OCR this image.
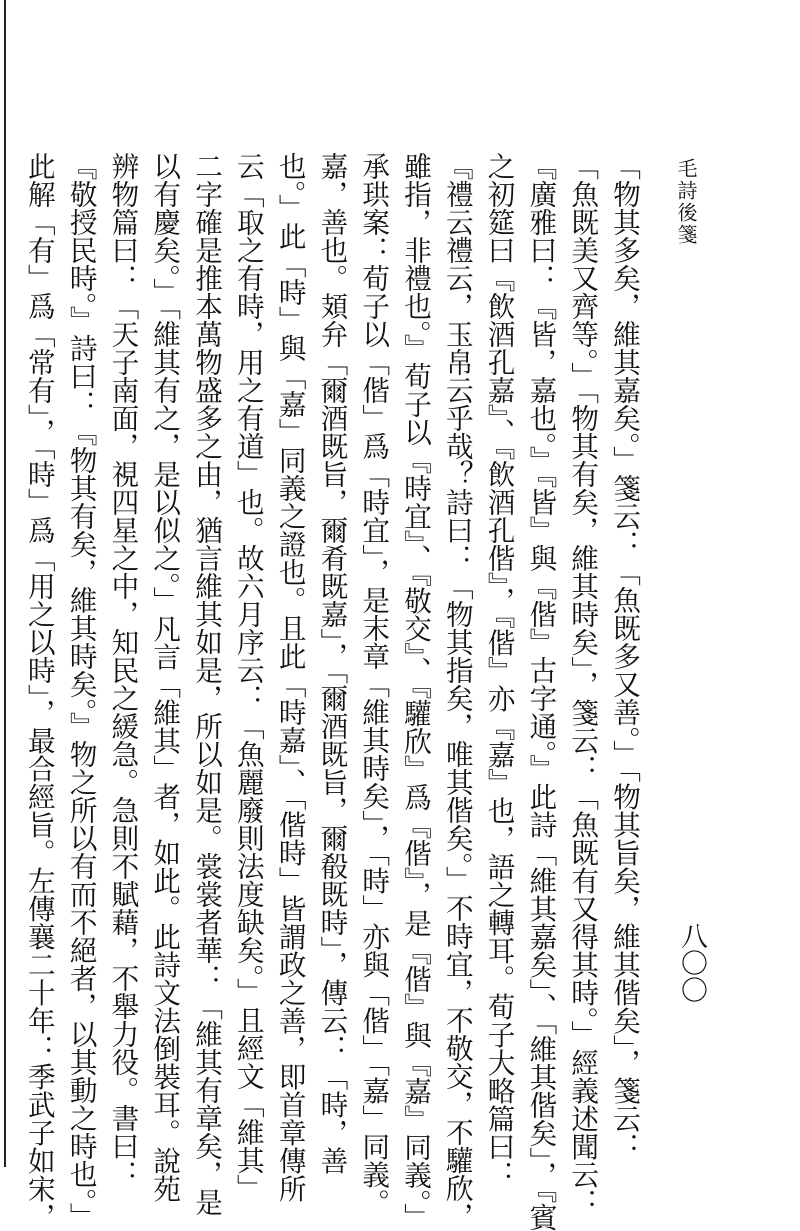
毛詩後箋
八〇〇
「物其多矣，維其嘉矣。」箋云：「魚既多又善。」「物其旨矣，維其偕矣」，箋云：
「魚既美又齊等。」「物其有矣，維其時矣」，箋云：「魚既有又得其時。」經義述聞云：
『廣雅曰：『皆，嘉也。』『皆』與『偕』古字通。』此詩「維其嘉矣」、「維其偕矣」，『賓
之初筵曰『飲酒孔嘉』、『飲酒孔偕』，『偕』亦『嘉』也，語之轉耳。荀子大略篇曰：
『禮云禮云，玉帛云乎哉？詩曰：「物其指矣，唯其偕矣。」不時宜，不敬交，不驩欣，
雖指，非禮也。』荀子以『時宜』、『敬交』、『驩欣』爲『偕』，是『偕』與『嘉』同義。」
承珙案：荀子以「偕」爲「時宜」，是末章「維其時矣」，「時」亦與「偕」「嘉」同義。
嘉，善也。頍弁「爾酒既旨，爾肴既嘉」，「爾酒既旨，爾殽既時」，傳云：「時，善
也。」此「時」與「嘉」同義之證也。且此「時嘉」、「偕時」皆謂政之善，即首章傳所
云「取之有時，用之有道」也。故六月序云：「魚麗廢則法度缺矣。」且經文「維其」
二字確是推本萬物盛多之由，猶言維其如是，所以如是。裳裳者華：「維其有章矣，是
以有慶矣。」「維其有之，是以似之。」凡言「維其」者，如此。此詩文法倒裝耳。說苑
辨物篇曰：「天子南面，視四星之中，知民之緩急。急則不賦藉，不舉力役。書曰：
『敬授民時。』詩曰：『物其有矣，維其時矣。』物之所以有而不絕者，以其動之時也。」
此解「有」爲「常有」，「時」爲「用之以時」，最合經旨。左傳襄二十年：季武子如宋，
